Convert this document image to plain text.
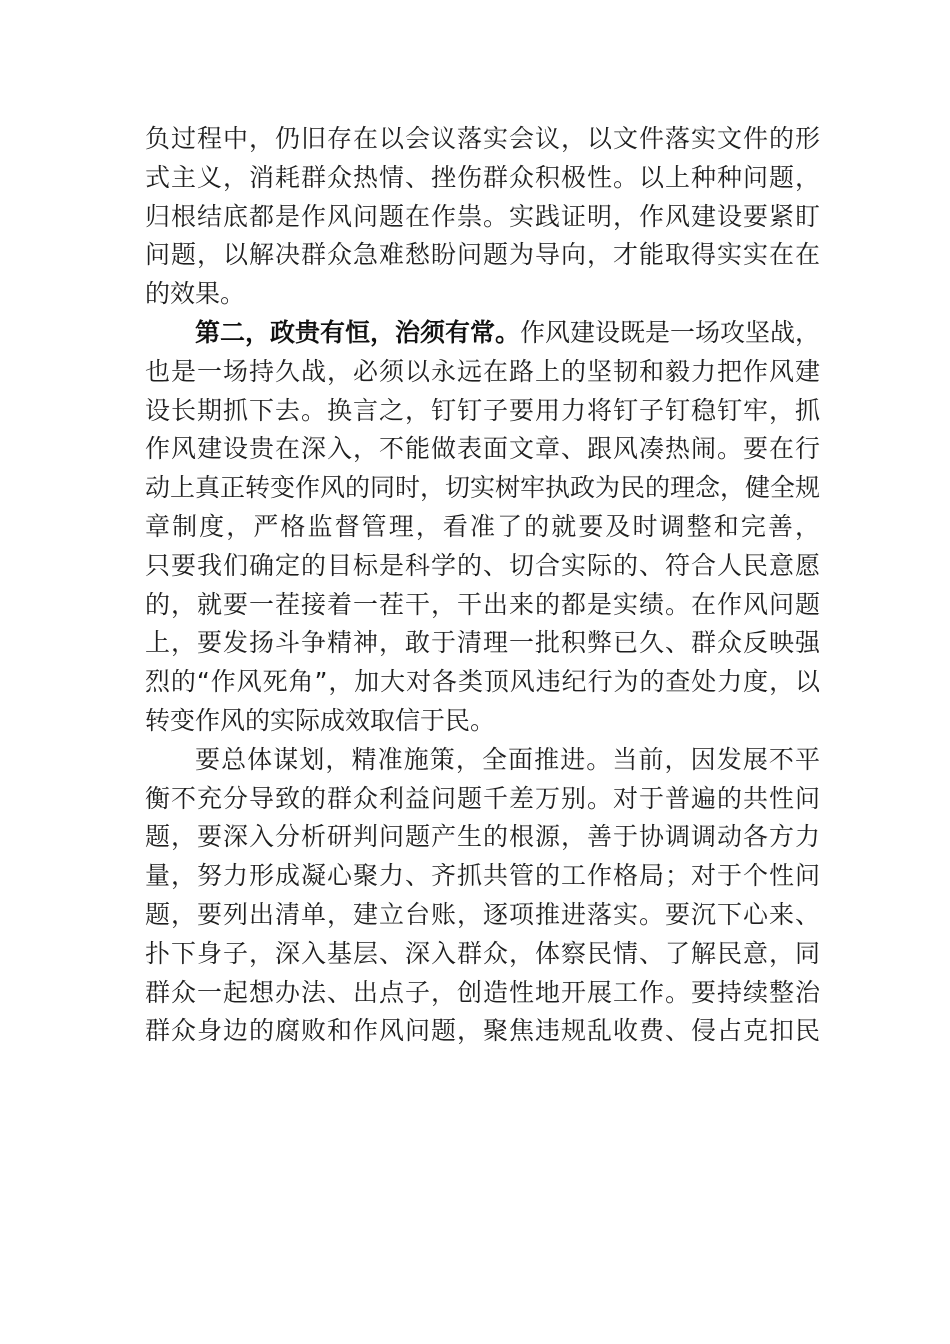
负过程中，仍旧存在以会议落实会议，以文件落实文件的形
式主义，消耗群众热情、挫伤群众积极性。以上种种问题，
归根结底都是作风问题在作祟。实践证明，作风建设要紧盯
问题，以解决群众急难愁盼问题为导向，才能取得实实在在
的效果。
第二，政贵有恒，治须有常。作风建设既是一场攻坚战，
也是一场持久战，必须以永远在路上的坚韧和毅力把作风建
设长期抓下去。换言之，钉钉子要用力将钉子钉稳钉牢，抓
作风建设贵在深入，不能做表面文章、跟风凑热闹。要在行
动上真正转变作风的同时，切实树牢执政为民的理念，健全规
章制度，严格监督管理，看准了的就要及时调整和完善，
只要我们确定的目标是科学的、切合实际的、符合人民意愿
的，就要一茬接着一茬干，干出来的都是实绩。在作风问题
上，要发扬斗争精神，敢于清理一批积弊已久、群众反映强
烈的“作风死角”，加大对各类顶风违纪行为的查处力度，以
转变作风的实际成效取信于民。
要总体谋划，精准施策，全面推进。当前，因发展不平
衡不充分导致的群众利益问题千差万别。对于普遍的共性问
题，要深入分析研判问题产生的根源，善于协调调动各方力
量，努力形成凝心聚力、齐抓共管的工作格局；对于个性问
题，要列出清单，建立台账，逐项推进落实。要沉下心来、
扑下身子，深入基层、深入群众，体察民情、了解民意，同
群众一起想办法、出点子，创造性地开展工作。要持续整治
群众身边的腐败和作风问题，聚焦违规乱收费、侵占克扣民
